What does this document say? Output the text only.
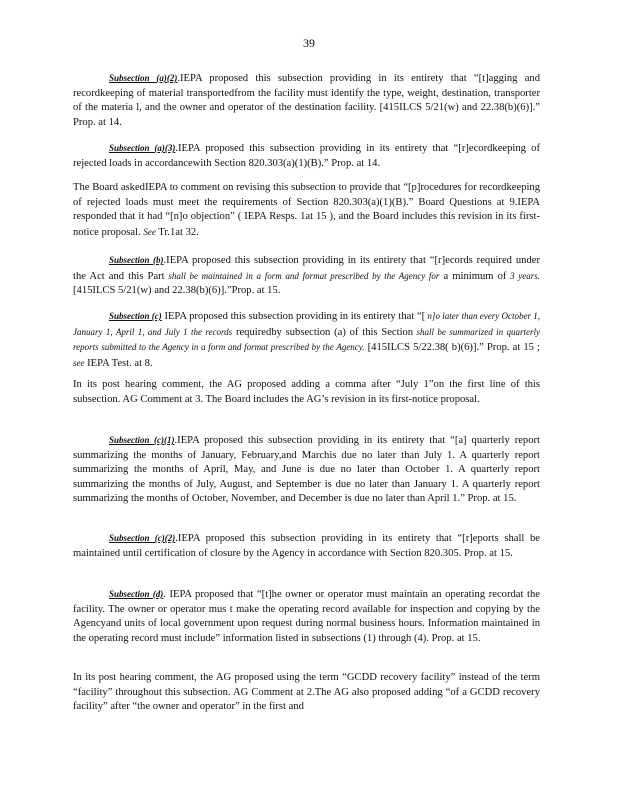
39

Subsection (a)(2).IEPA proposed this subsection providing in its entirety that “[t]agging and recordkeeping of material transportedfrom the facility must identify the type, weight, destination, transporter of the materia l, and the owner and operator of the destination facility. [415ILCS 5/21(w) and 22.38(b)(6)].” Prop. at 14.

Subsection (a)(3).IEPA proposed this subsection providing in its entirety that “[r]ecordkeeping of rejected loads in accordancewith Section 820.303(a)(1)(B).” Prop. at 14.

The Board askedIEPA to comment on revising this subsection to provide that “[p]rocedures for recordkeeping of rejected loads must meet the requirements of Section 820.303(a)(1)(B).” Board Questions at 9.IEPA responded that it had “[n]o objection” ( IEPA Resps. 1at 15 ), and the Board includes this revision in its first-notice proposal. See Tr.1at 32.

Subsection (b).IEPA proposed this subsection providing in its entirety that “[r]ecords required under the Act and this Part shall be maintained in a form and format prescribed by the Agency for a minimum of 3 years. [415ILCS 5/21(w) and 22.38(b)(6)].”Prop. at 15.

Subsection (c) IEPA proposed this subsection providing in its entirety that “[ n]o later than every October 1, January 1, April 1, and July 1 the records requiredby subsection (a) of this Section shall be summarized in quarterly reports submitted to the Agency in a form and format prescribed by the Agency. [415ILCS 5/22.38( b)(6)].” Prop. at 15 ; see IEPA Test. at 8.

In its post hearing comment, the AG proposed adding a comma after “July 1”on the first line of this subsection. AG Comment at 3. The Board includes the AG’s revision in its first-notice proposal.

Subsection (c)(1).IEPA proposed this subsection providing in its entirety that “[a] quarterly report summarizing the months of January, February,and Marchis due no later than July 1. A quarterly report summarizing the months of April, May, and June is due no later than October 1. A quarterly report summarizing the months of July, August, and September is due no later than January 1. A quarterly report summarizing the months of October, November, and December is due no later than April 1.” Prop. at 15.

Subsection (c)(2).IEPA proposed this subsection providing in its entirety that “[r]eports shall be maintained until certification of closure by the Agency in accordance with Section 820.305. Prop. at 15.

Subsection (d). IEPA proposed that “[t]he owner or operator must maintain an operating recordat the facility. The owner or operator mus t make the operating record available for inspection and copying by the Agencyand units of local government upon request during normal business hours. Information maintained in the operating record must include” information listed in subsections (1) through (4). Prop. at 15.

In its post hearing comment, the AG proposed using the term “GCDD recovery facility” instead of the term “facility” throughout this subsection. AG Comment at 2.The AG also proposed adding “of a GCDD recovery facility” after “the owner and operator” in the first and
